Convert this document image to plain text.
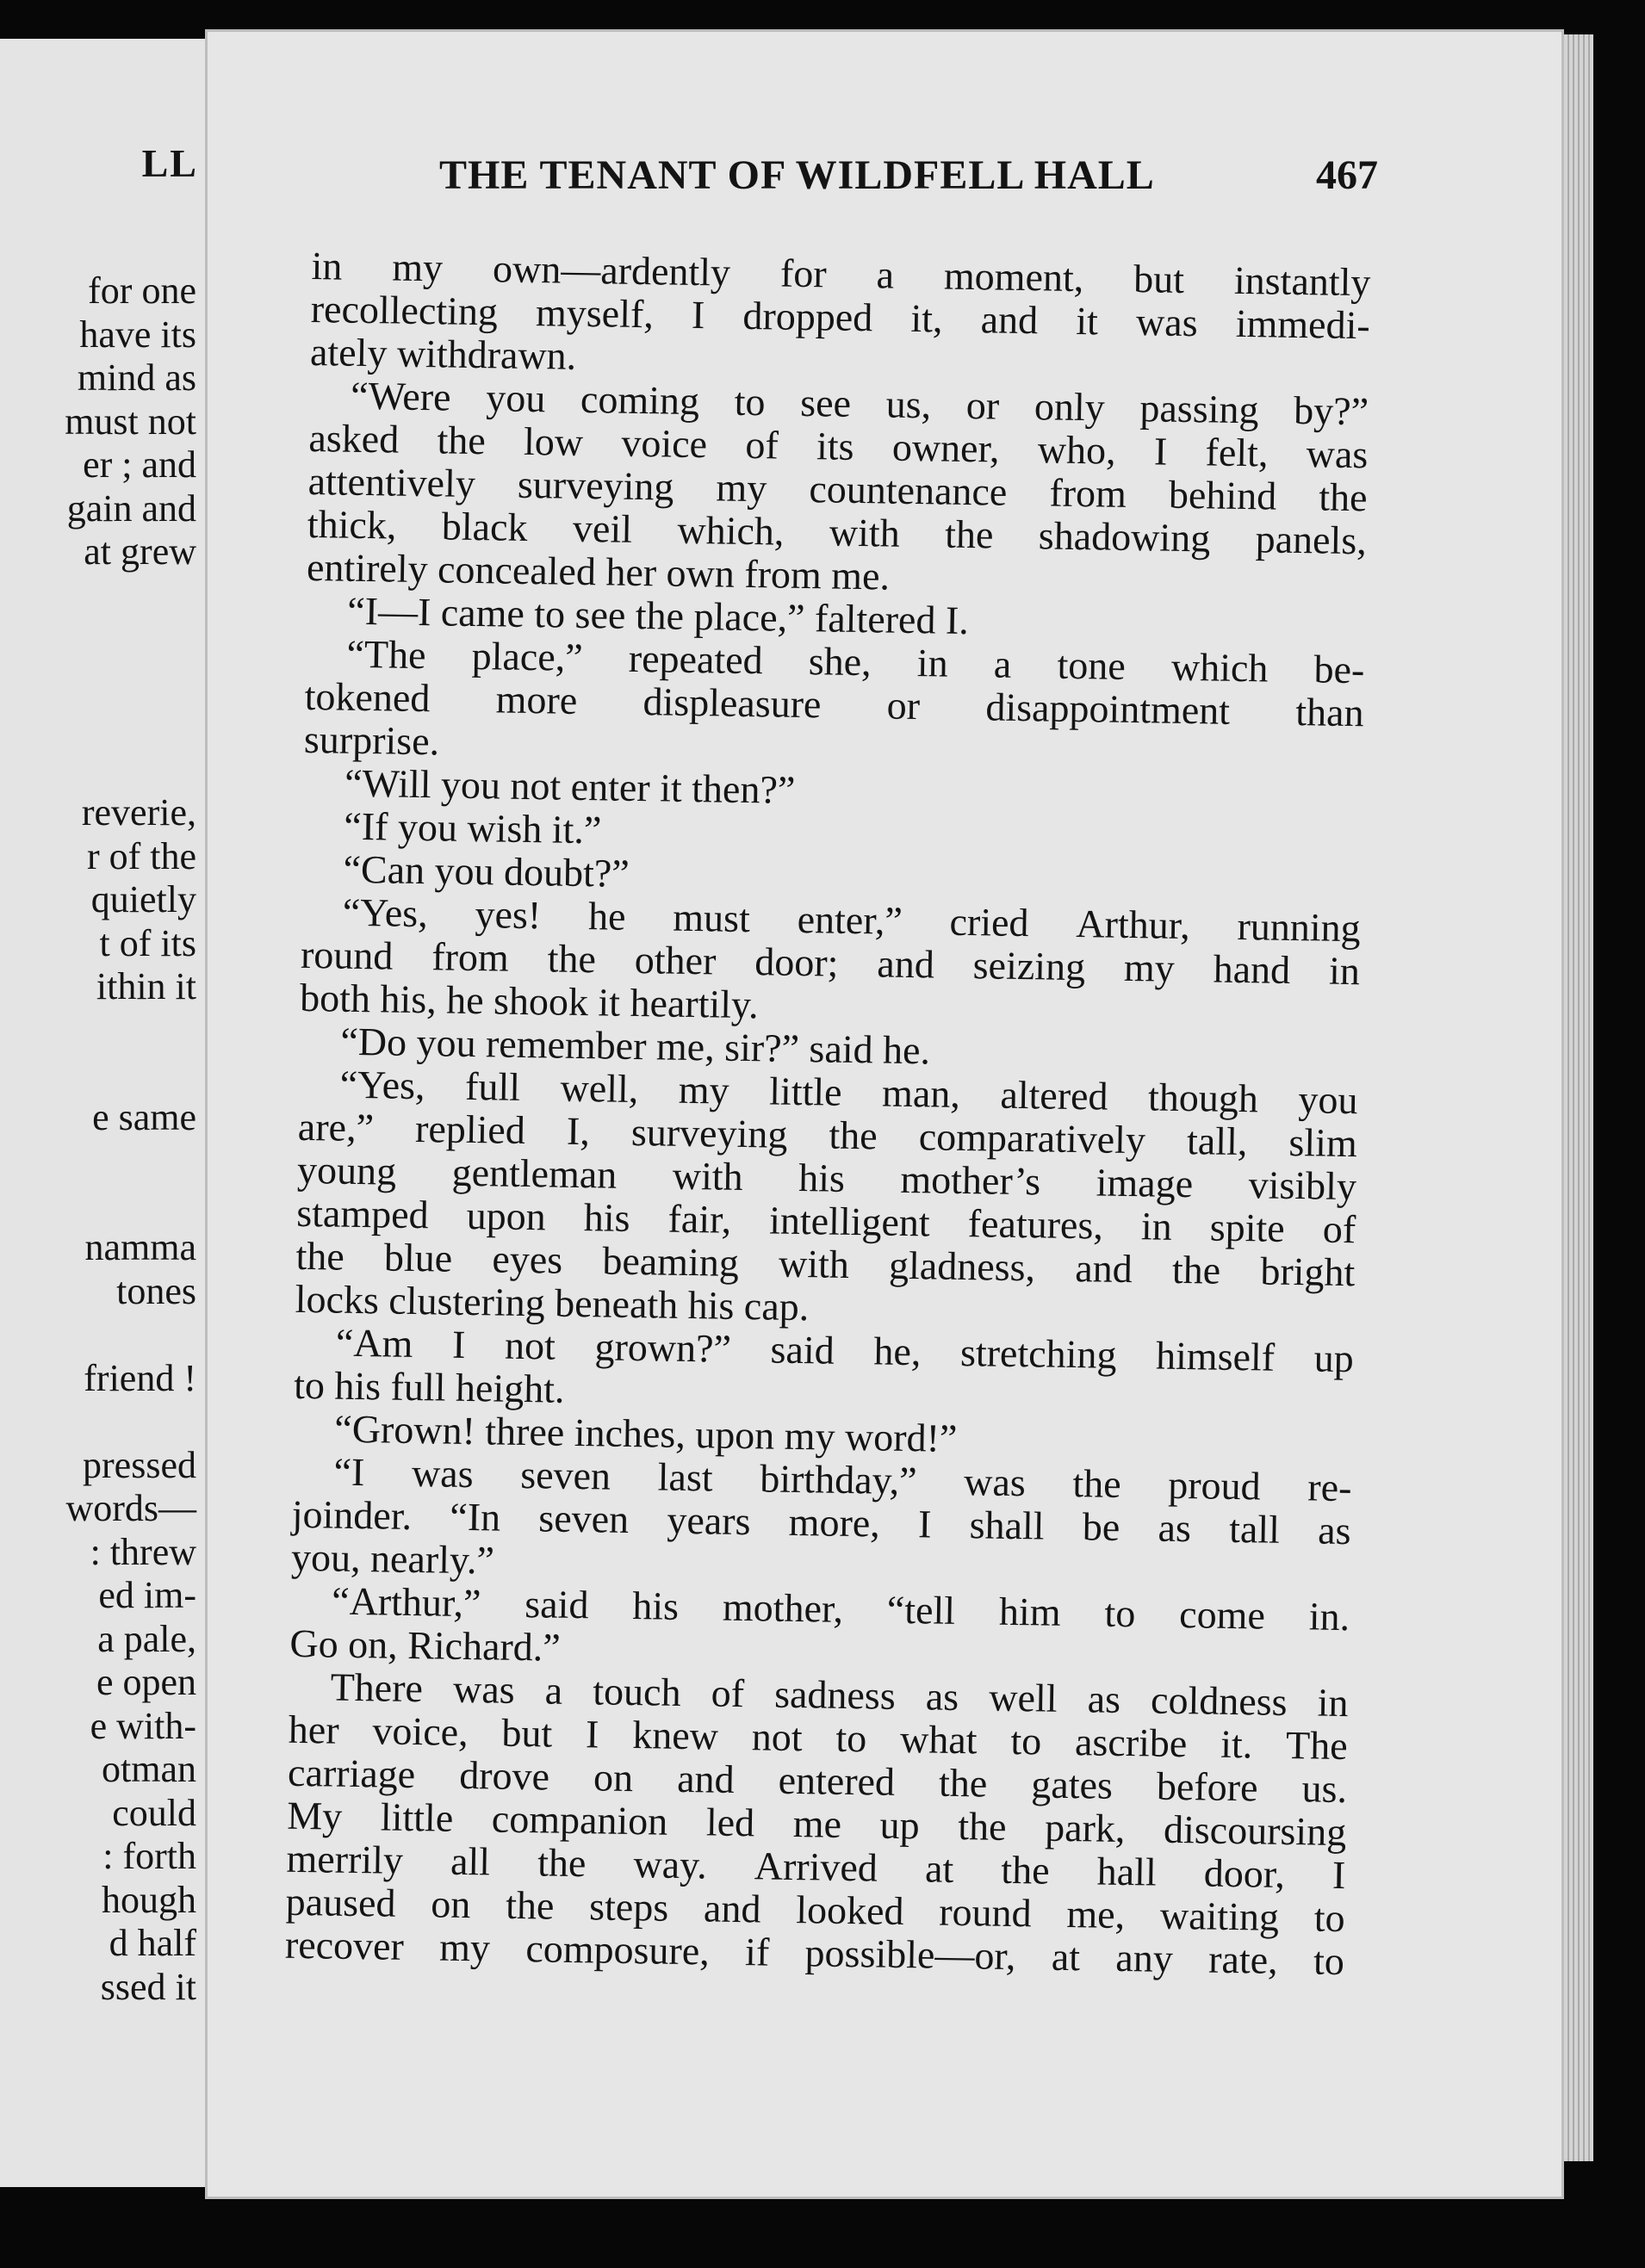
LL
for one
have its
mind as
must not
er ; and
gain and
at grew
reverie,
r of the
quietly
t of its
ithin it
e same
namma
tones
friend !
pressed
words—
: threw
ed im-
a pale,
e open
e with-
otman
could
: forth
hough
d half
ssed it
THE TENANT OF WILDFELL HALL	467
in my own—ardently for a moment, but instantly
recollecting myself, I dropped it, and it was immedi-
ately withdrawn.
“Were you coming to see us, or only passing by?”
asked the low voice of its owner, who, I felt, was
attentively surveying my countenance from behind the
thick, black veil which, with the shadowing panels,
entirely concealed her own from me.
“I—I came to see the place,” faltered I.
“The place,” repeated she, in a tone which be-
tokened more displeasure or disappointment than
surprise.
“Will you not enter it then?”
“If you wish it.”
“Can you doubt?”
“Yes, yes! he must enter,” cried Arthur, running
round from the other door; and seizing my hand in
both his, he shook it heartily.
“Do you remember me, sir?” said he.
“Yes, full well, my little man, altered though you
are,” replied I, surveying the comparatively tall, slim
young gentleman with his mother’s image visibly
stamped upon his fair, intelligent features, in spite of
the blue eyes beaming with gladness, and the bright
locks clustering beneath his cap.
“Am I not grown?” said he, stretching himself up
to his full height.
“Grown! three inches, upon my word!”
“I was seven last birthday,” was the proud re-
joinder. “In seven years more, I shall be as tall as
you, nearly.”
“Arthur,” said his mother, “tell him to come in.
Go on, Richard.”
There was a touch of sadness as well as coldness in
her voice, but I knew not to what to ascribe it. The
carriage drove on and entered the gates before us.
My little companion led me up the park, discoursing
merrily all the way. Arrived at the hall door, I
paused on the steps and looked round me, waiting to
recover my composure, if possible—or, at any rate, to
